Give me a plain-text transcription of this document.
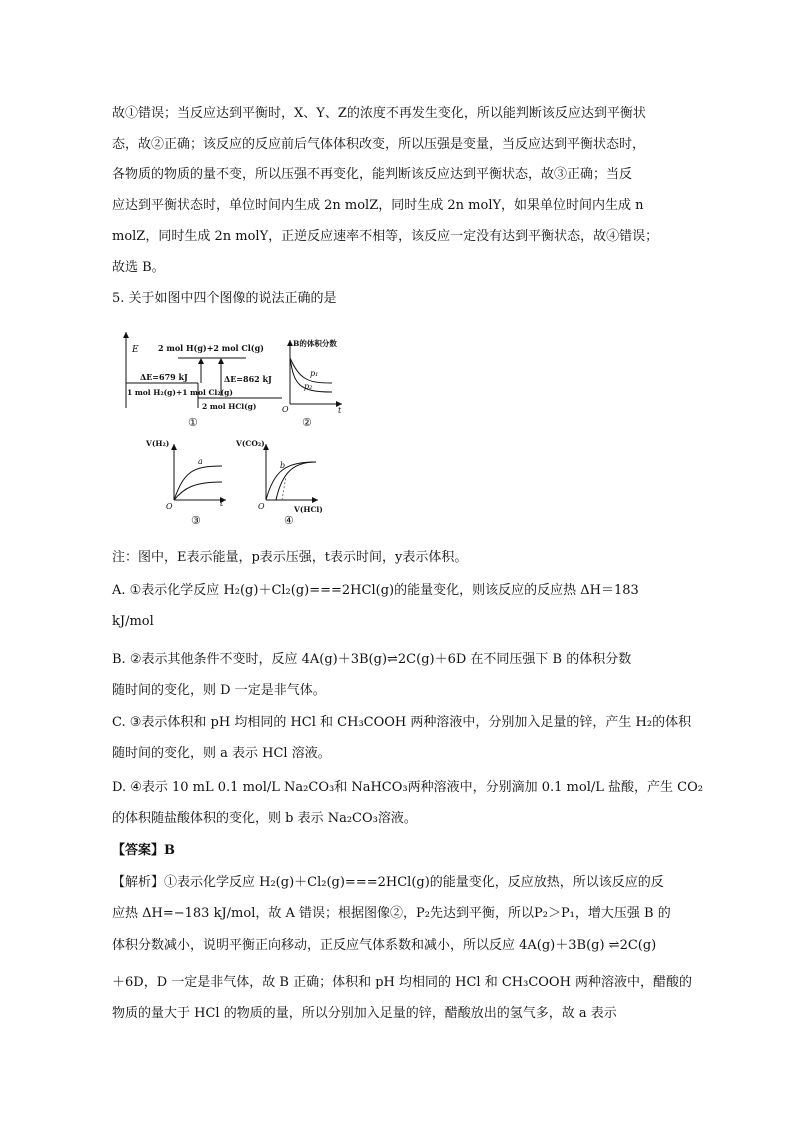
故①错误；当反应达到平衡时，X、Y、Z的浓度不再发生变化，所以能判断该反应达到平衡状
态，故②正确；该反应的反应前后气体体积改变，所以压强是变量，当反应达到平衡状态时，
各物质的物质的量不变，所以压强不再变化，能判断该反应达到平衡状态，故③正确；当反
应达到平衡状态时，单位时间内生成 2n molZ，同时生成 2n molY，如果单位时间内生成 n
molZ，同时生成 2n molY，正逆反应速率不相等，该反应一定没有达到平衡状态，故④错误；
故选 B。
5. 关于如图中四个图像的说法正确的是
E 2 mol H(g)+2 mol Cl(g)
ΔE=679 kJ	ΔE=862 kJ
1 mol H₂(g)+1 mol Cl₂(g)
2 mol HCl(g)
①
B的体积分数
p₁
p₂
O	t
②
V(H₂)
a
O	t
③
V(CO₂)
b
O	V(HCl)
④
注：图中，E表示能量，p表示压强，t表示时间，y表示体积。
A. ①表示化学反应 H₂(g)＋Cl₂(g)===2HCl(g)的能量变化，则该反应的反应热 ΔH＝183
kJ/mol
B. ②表示其他条件不变时，反应 4A(g)＋3B(g)⇌2C(g)＋6D 在不同压强下 B 的体积分数
随时间的变化，则 D 一定是非气体。
C. ③表示体积和 pH 均相同的 HCl 和 CH₃COOH 两种溶液中，分别加入足量的锌，产生 H₂的体积
随时间的变化，则 a 表示 HCl 溶液。
D. ④表示 10 mL 0.1 mol/L Na₂CO₃和 NaHCO₃两种溶液中，分别滴加 0.1 mol/L 盐酸，产生 CO₂
的体积随盐酸体积的变化，则 b 表示 Na₂CO₃溶液。
【答案】B
【解析】①表示化学反应 H₂(g)＋Cl₂(g)===2HCl(g)的能量变化，反应放热，所以该反应的反
应热 ΔH=−183 kJ/mol，故 A 错误；根据图像②，P₂先达到平衡，所以P₂＞P₁，增大压强 B 的
体积分数减小，说明平衡正向移动，正反应气体系数和减小，所以反应 4A(g)＋3B(g) ⇌2C(g)
＋6D，D 一定是非气体，故 B 正确；体积和 pH 均相同的 HCl 和 CH₃COOH 两种溶液中，醋酸的
物质的量大于 HCl 的物质的量，所以分别加入足量的锌，醋酸放出的氢气多，故 a 表示
